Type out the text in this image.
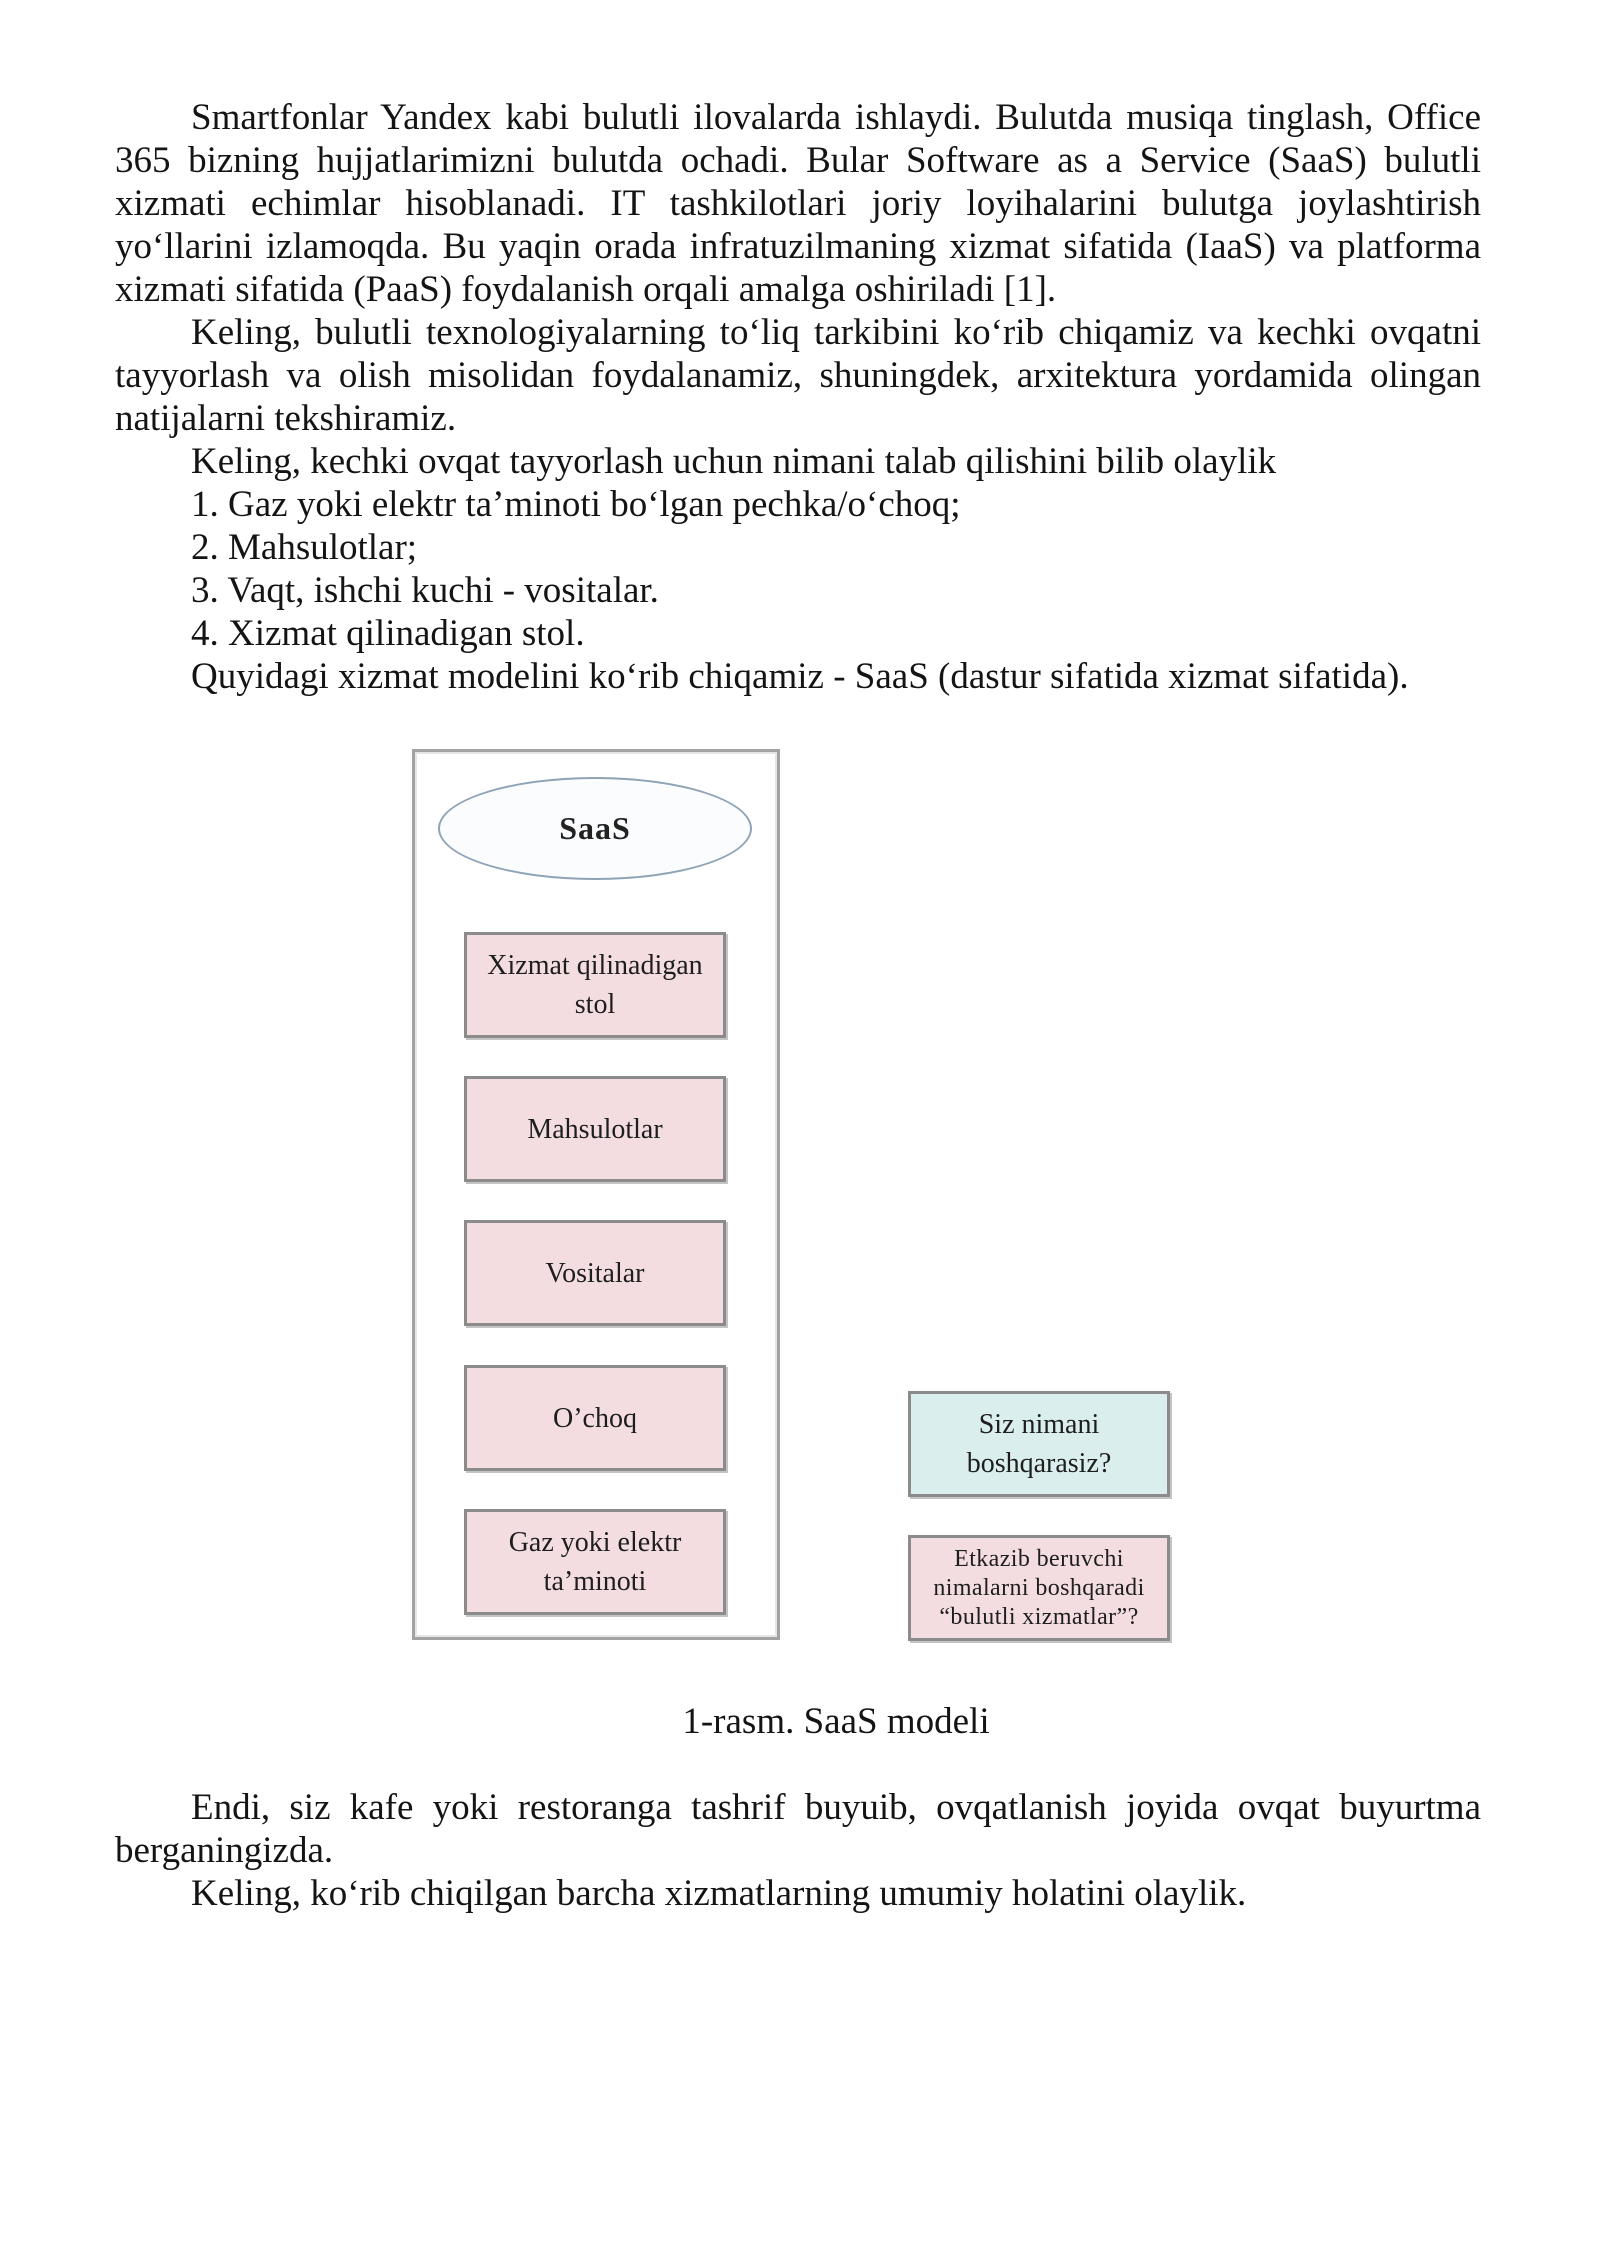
Smartfonlar Yandex kabi bulutli ilovalarda ishlaydi. Bulutda musiqa tinglash, Office
365 bizning hujjatlarimizni bulutda ochadi. Bular Software as a Service (SaaS) bulutli
xizmati echimlar hisoblanadi. IT tashkilotlari joriy loyihalarini bulutga joylashtirish
yoʻllarini izlamoqda. Bu yaqin orada infratuzilmaning xizmat sifatida (IaaS) va platforma
xizmati sifatida (PaaS) foydalanish orqali amalga oshiriladi [1].
Keling, bulutli texnologiyalarning toʻliq tarkibini koʻrib chiqamiz va kechki ovqatni
tayyorlash va olish misolidan foydalanamiz, shuningdek, arxitektura yordamida olingan
natijalarni tekshiramiz.
Keling, kechki ovqat tayyorlash uchun nimani talab qilishini bilib olaylik
1. Gaz yoki elektr ta’minoti boʻlgan pechka/oʻchoq;
2. Mahsulotlar;
3. Vaqt, ishchi kuchi - vositalar.
4. Xizmat qilinadigan stol.
Quyidagi xizmat modelini koʻrib chiqamiz - SaaS (dastur sifatida xizmat sifatida).
SaaS
Xizmat qilinadigan
stol
Mahsulotlar
Vositalar
O’choq
Gaz yoki elektr
ta’minoti
Siz nimani
boshqarasiz?
Etkazib beruvchi
nimalarni boshqaradi
“bulutli xizmatlar”?
1-rasm. SaaS modeli
Endi, siz kafe yoki restoranga tashrif buyuib, ovqatlanish joyida ovqat buyurtma
berganingizda.
Keling, koʻrib chiqilgan barcha xizmatlarning umumiy holatini olaylik.
